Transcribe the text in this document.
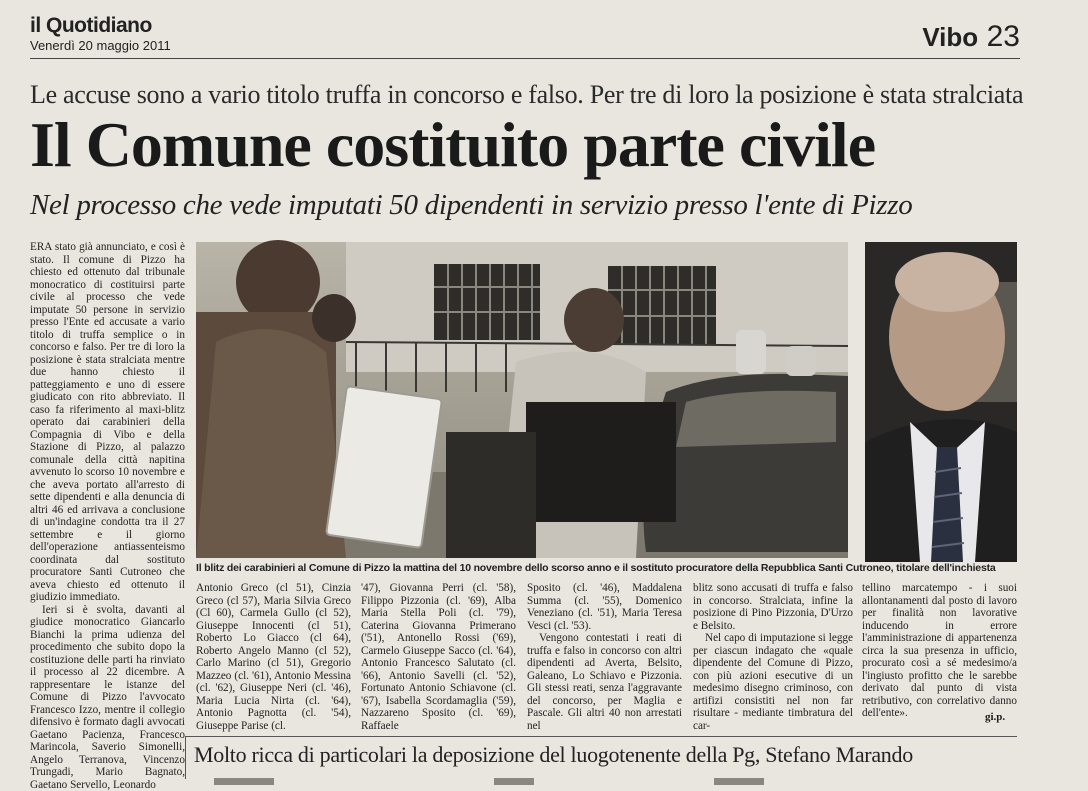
il Quotidiano
Venerdì 20 maggio 2011	Vibo 23
Le accuse sono a vario titolo truffa in concorso e falso. Per tre di loro la posizione è stata stralciata
Il Comune costituito parte civile
Nel processo che vede imputati 50 dipendenti in servizio presso l'ente di Pizzo

ERA stato già annunciato, e così è stato. Il comune di Pizzo ha chiesto ed ottenuto dal tribunale monocratico di costituirsi parte civile al processo che vede imputate 50 persone in servizio presso l'Ente ed accusate a vario titolo di truffa semplice o in concorso e falso. Per tre di loro la posizione è stata stralciata mentre due hanno chiesto il patteggiamento e uno di essere giudicato con rito abbreviato. Il caso fa riferimento al maxi-blitz operato dai carabinieri della Compagnia di Vibo e della Stazione di Pizzo, al palazzo comunale della città napitina avvenuto lo scorso 10 novembre e che aveva portato all'arresto di sette dipendenti e alla denuncia di altri 46 ed arrivava a conclusione di un'indagine condotta tra il 27 settembre e il giorno dell'operazione antiassenteismo coordinata dal sostituto procuratore Santi Cutroneo che aveva chiesto ed ottenuto il giudizio immediato.

Ieri si è svolta, davanti al giudice monocratico Giancarlo Bianchi la prima udienza del procedimento che subito dopo la costituzione delle parti ha rinviato il processo al 22 dicembre. A rappresentare le istanze del Comune di Pizzo l'avvocato Francesco Izzo, mentre il collegio difensivo è formato dagli avvocati Gaetano Pacienza, Francesco Marincola, Saverio Simonelli, Angelo Terranova, Vincenzo Trungadi, Mario Bagnato, Gaetano Servello, Leonardo

Il blitz dei carabinieri al Comune di Pizzo la mattina del 10 novembre dello scorso anno e il sostituto procuratore della Repubblica Santi Cutroneo, titolare dell'inchiesta

Antonio Greco (cl 51), Cinzia Greco (cl 57), Maria Silvia Greco (Cl 60), Carmela Gullo (cl 52), Giuseppe Innocenti (cl 51), Roberto Lo Giacco (cl 64), Roberto Angelo Manno (cl 52), Carlo Marino (cl 51), Gregorio Mazzeo (cl. '61), Antonio Messina (cl. '62), Giuseppe Neri (cl. '46), Maria Lucia Nirta (cl. '64), Antonio Pagnotta (cl. '54), Giuseppe Parise (cl.

'47), Giovanna Perri (cl. '58), Filippo Pizzonia (cl. '69), Alba Maria Stella Poli (cl. '79), Caterina Giovanna Primerano ('51), Antonello Rossi ('69), Carmelo Giuseppe Sacco (cl. '64), Antonio Francesco Salutato (cl. '66), Antonio Savelli (cl. '52), Fortunato Antonio Schiavone (cl. '67), Isabella Scordamaglia ('59), Nazzareno Sposito (cl. '69), Raffaele

Sposito (cl. '46), Maddalena Summa (cl. '55), Domenico Veneziano (cl. '51), Maria Teresa Vesci (cl. '53).

Vengono contestati i reati di truffa e falso in concorso con altri dipendenti ad Averta, Belsito, Galeano, Lo Schiavo e Pizzonia. Gli stessi reati, senza l'aggravante del concorso, per Maglia e Pascale. Gli altri 40 non arrestati nel

blitz sono accusati di truffa e falso in concorso. Stralciata, infine la posizione di Pino Pizzonia, D'Urzo e Belsito.

Nel capo di imputazione si legge per ciascun indagato che «quale dipendente del Comune di Pizzo, con più azioni esecutive di un medesimo disegno criminoso, con artifizi consistiti nel non far risultare - mediante timbratura del car-

tellino marcatempo - i suoi allontanamenti dal posto di lavoro per finalità non lavorative inducendo in errore l'amministrazione di appartenenza circa la sua presenza in ufficio, procurato così a sé medesimo/a l'ingiusto profitto che le sarebbe derivato dal punto di vista retributivo, con correlativo danno dell'ente».	gi.p.
Molto ricca di particolari la deposizione del luogotenente della Pg, Stefano Marando
